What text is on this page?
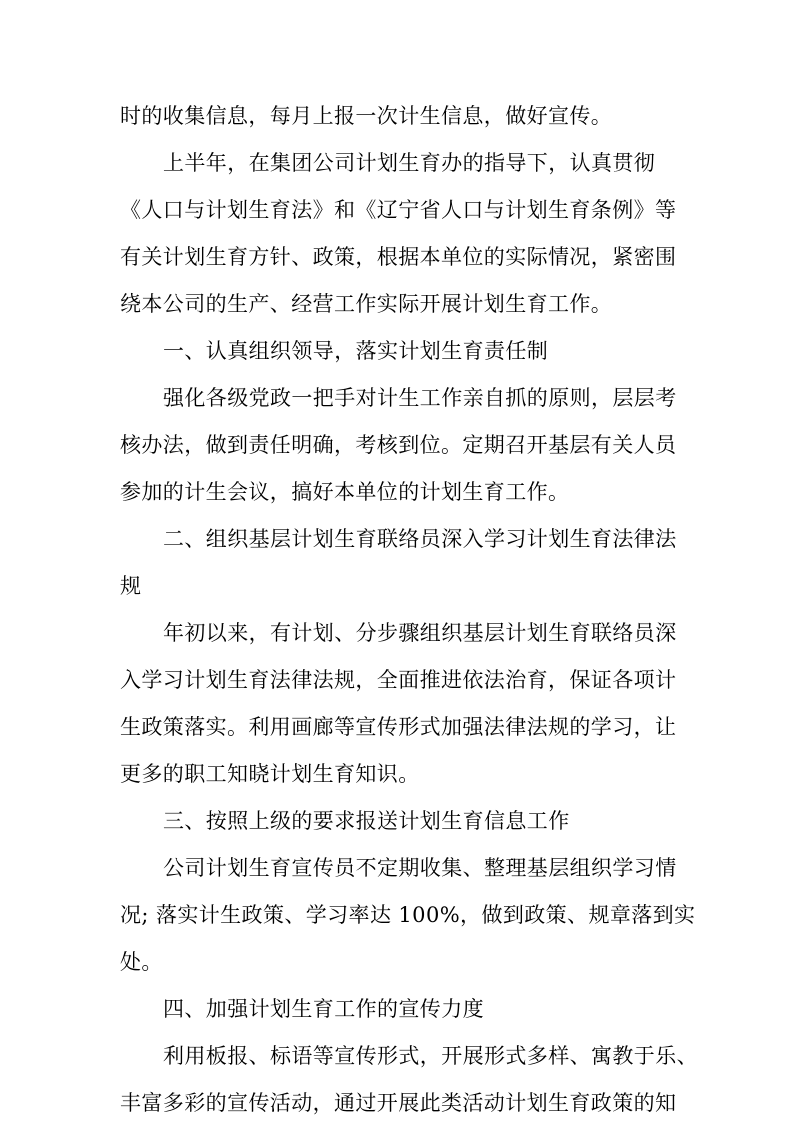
时的收集信息，每月上报一次计生信息，做好宣传。
上半年，在集团公司计划生育办的指导下，认真贯彻
《人口与计划生育法》和《辽宁省人口与计划生育条例》等
有关计划生育方针、政策，根据本单位的实际情况，紧密围
绕本公司的生产、经营工作实际开展计划生育工作。
一、认真组织领导，落实计划生育责任制
强化各级党政一把手对计生工作亲自抓的原则，层层考
核办法，做到责任明确，考核到位。定期召开基层有关人员
参加的计生会议，搞好本单位的计划生育工作。
二、组织基层计划生育联络员深入学习计划生育法律法
规
年初以来，有计划、分步骤组织基层计划生育联络员深
入学习计划生育法律法规，全面推进依法治育，保证各项计
生政策落实。利用画廊等宣传形式加强法律法规的学习，让
更多的职工知晓计划生育知识。
三、按照上级的要求报送计划生育信息工作
公司计划生育宣传员不定期收集、整理基层组织学习情
况; 落实计生政策、学习率达 100%，做到政策、规章落到实
处。
四、加强计划生育工作的宣传力度
利用板报、标语等宣传形式，开展形式多样、寓教于乐、
丰富多彩的宣传活动，通过开展此类活动计划生育政策的知
